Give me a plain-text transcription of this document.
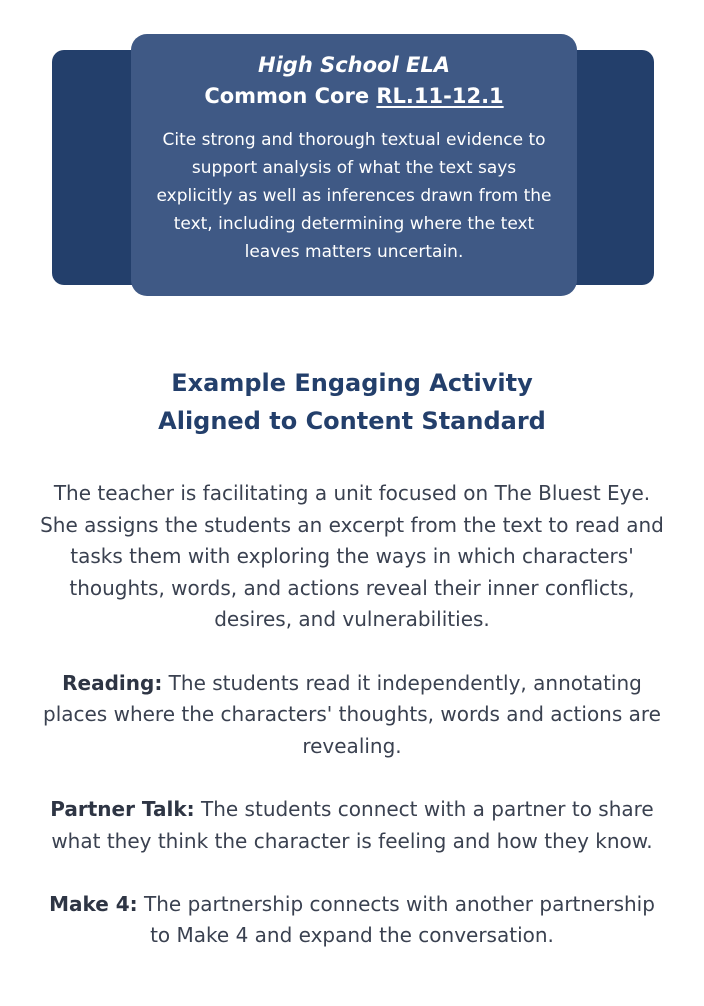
High School ELA
Common Core RL.11-12.1
Cite strong and thorough textual evidence to support analysis of what the text says explicitly as well as inferences drawn from the text, including determining where the text leaves matters uncertain.
Example Engaging Activity
Aligned to Content Standard

The teacher is facilitating a unit focused on The Bluest Eye. She assigns the students an excerpt from the text to read and tasks them with exploring the ways in which characters' thoughts, words, and actions reveal their inner conflicts, desires, and vulnerabilities.

Reading: The students read it independently, annotating places where the characters' thoughts, words and actions are revealing.

Partner Talk: The students connect with a partner to share what they think the character is feeling and how they know.

Make 4: The partnership connects with another partnership to Make 4 and expand the conversation.
